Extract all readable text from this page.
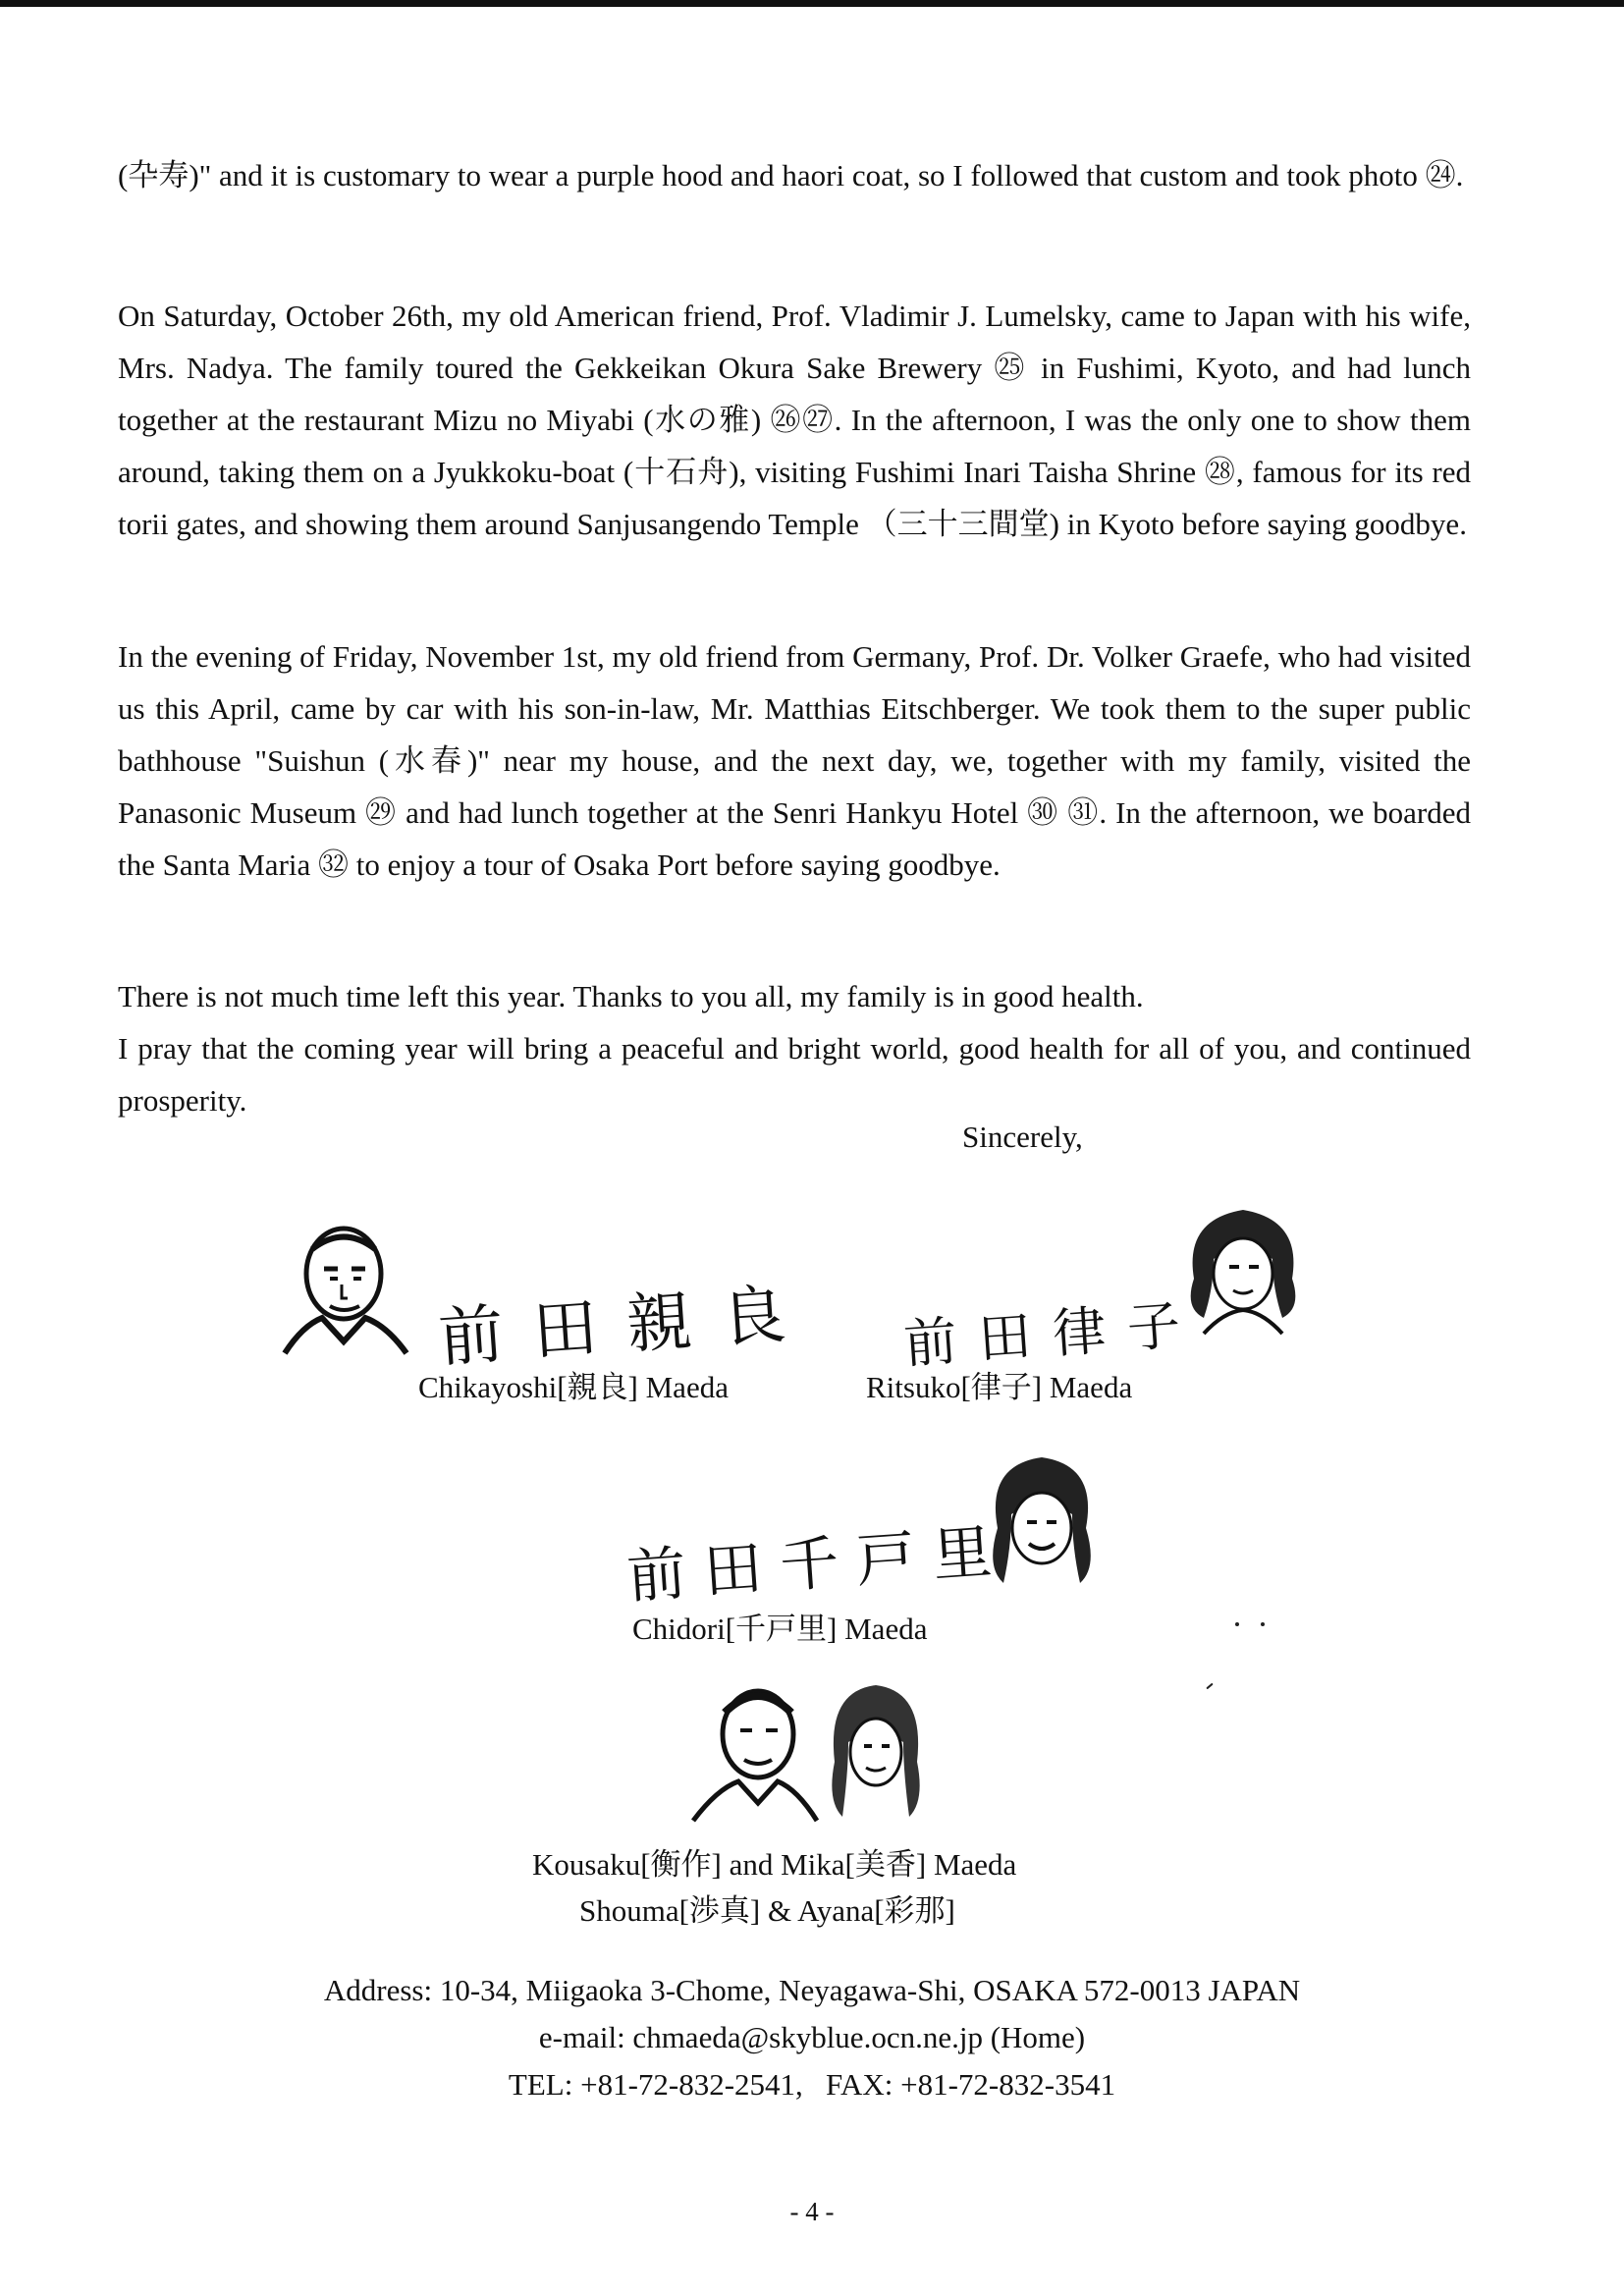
(卆寿)" and it is customary to wear a purple hood and haori coat, so I followed that custom and took photo ㉔.

On Saturday, October 26th, my old American friend, Prof. Vladimir J. Lumelsky, came to Japan with his wife, Mrs. Nadya. The family toured the Gekkeikan Okura Sake Brewery ㉕ in Fushimi, Kyoto, and had lunch together at the restaurant Mizu no Miyabi (水の雅) ㉖㉗. In the afternoon, I was the only one to show them around, taking them on a Jyukkoku-boat (十石舟), visiting Fushimi Inari Taisha Shrine ㉘, famous for its red torii gates, and showing them around Sanjusangendo Temple （三十三間堂) in Kyoto before saying goodbye.

In the evening of Friday, November 1st, my old friend from Germany, Prof. Dr. Volker Graefe, who had visited us this April, came by car with his son-in-law, Mr. Matthias Eitschberger. We took them to the super public bathhouse "Suishun (水春)" near my house, and the next day, we, together with my family, visited the Panasonic Museum ㉙ and had lunch together at the Senri Hankyu Hotel ㉚ ㉛. In the afternoon, we boarded the Santa Maria ㉜ to enjoy a tour of Osaka Port before saying goodbye.

There is not much time left this year. Thanks to you all, my family is in good health.
I pray that the coming year will bring a peaceful and bright world, good health for all of you, and continued prosperity.

Sincerely,
前田親良
Chikayoshi[親良] Maeda
前田律子
Ritsuko[律子] Maeda
前田千戸里
Chidori[千戸里] Maeda
Kousaku[衡作] and Mika[美香] Maeda
Shouma[渉真] & Ayana[彩那]
Address: 10-34, Miigaoka 3-Chome, Neyagawa-Shi, OSAKA 572-0013 JAPAN
e-mail: chmaeda@skyblue.ocn.ne.jp (Home)
TEL: +81-72-832-2541,   FAX: +81-72-832-3541
- 4 -
